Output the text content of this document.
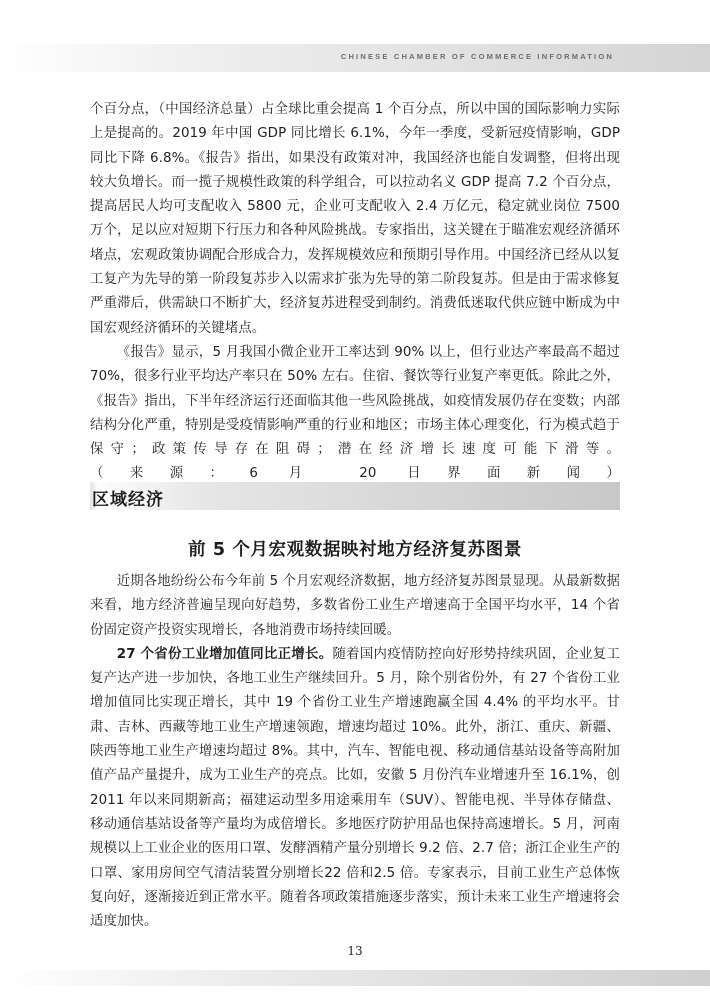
CHINESE CHAMBER OF COMMERCE INFORMATION

个百分点，（中国经济总量）占全球比重会提高 1 个百分点，所以中国的国际影响力实际上是提高的。2019 年中国 GDP 同比增长 6.1%，今年一季度，受新冠疫情影响，GDP 同比下降 6.8%。《报告》指出，如果没有政策对冲，我国经济也能自发调整，但将出现较大负增长。而一揽子规模性政策的科学组合，可以拉动名义 GDP 提高 7.2 个百分点，提高居民人均可支配收入 5800 元，企业可支配收入 2.4 万亿元，稳定就业岗位 7500 万个，足以应对短期下行压力和各种风险挑战。专家指出，这关键在于瞄准宏观经济循环堵点，宏观政策协调配合形成合力，发挥规模效应和预期引导作用。中国经济已经从以复工复产为先导的第一阶段复苏步入以需求扩张为先导的第二阶段复苏。但是由于需求修复严重滞后，供需缺口不断扩大，经济复苏进程受到制约。消费低迷取代供应链中断成为中国宏观经济循环的关键堵点。

《报告》显示，5 月我国小微企业开工率达到 90% 以上，但行业达产率最高不超过 70%，很多行业平均达产率只在 50% 左右。住宿、餐饮等行业复产率更低。除此之外，《报告》指出，下半年经济运行还面临其他一些风险挑战，如疫情发展仍存在变数；内部结构分化严重，特别是受疫情影响严重的行业和地区；市场主体心理变化，行为模式趋于保守；政策传导存在阻碍；潜在经济增长速度可能下滑等。（来源：6 月 20 日界面新闻）

区域经济
前 5 个月宏观数据映衬地方经济复苏图景

近期各地纷纷公布今年前 5 个月宏观经济数据，地方经济复苏图景显现。从最新数据来看，地方经济普遍呈现向好趋势，多数省份工业生产增速高于全国平均水平，14 个省份固定资产投资实现增长，各地消费市场持续回暖。

27 个省份工业增加值同比正增长。随着国内疫情防控向好形势持续巩固，企业复工复产达产进一步加快，各地工业生产继续回升。5 月，除个别省份外，有 27 个省份工业增加值同比实现正增长，其中 19 个省份工业生产增速跑赢全国 4.4% 的平均水平。甘肃、吉林、西藏等地工业生产增速领跑，增速均超过 10%。此外，浙江、重庆、新疆、陕西等地工业生产增速均超过 8%。其中，汽车、智能电视、移动通信基站设备等高附加值产品产量提升，成为工业生产的亮点。比如，安徽 5 月份汽车业增速升至 16.1%，创 2011 年以来同期新高；福建运动型多用途乘用车（SUV）、智能电视、半导体存储盘、移动通信基站设备等产量均为成倍增长。多地医疗防护用品也保持高速增长。5 月，河南规模以上工业企业的医用口罩、发酵酒精产量分别增长 9.2 倍、2.7 倍；浙江企业生产的口罩、家用房间空气清洁装置分别增长22 倍和2.5 倍。专家表示，目前工业生产总体恢复向好，逐渐接近到正常水平。随着各项政策措施逐步落实，预计未来工业生产增速将会适度加快。

13
